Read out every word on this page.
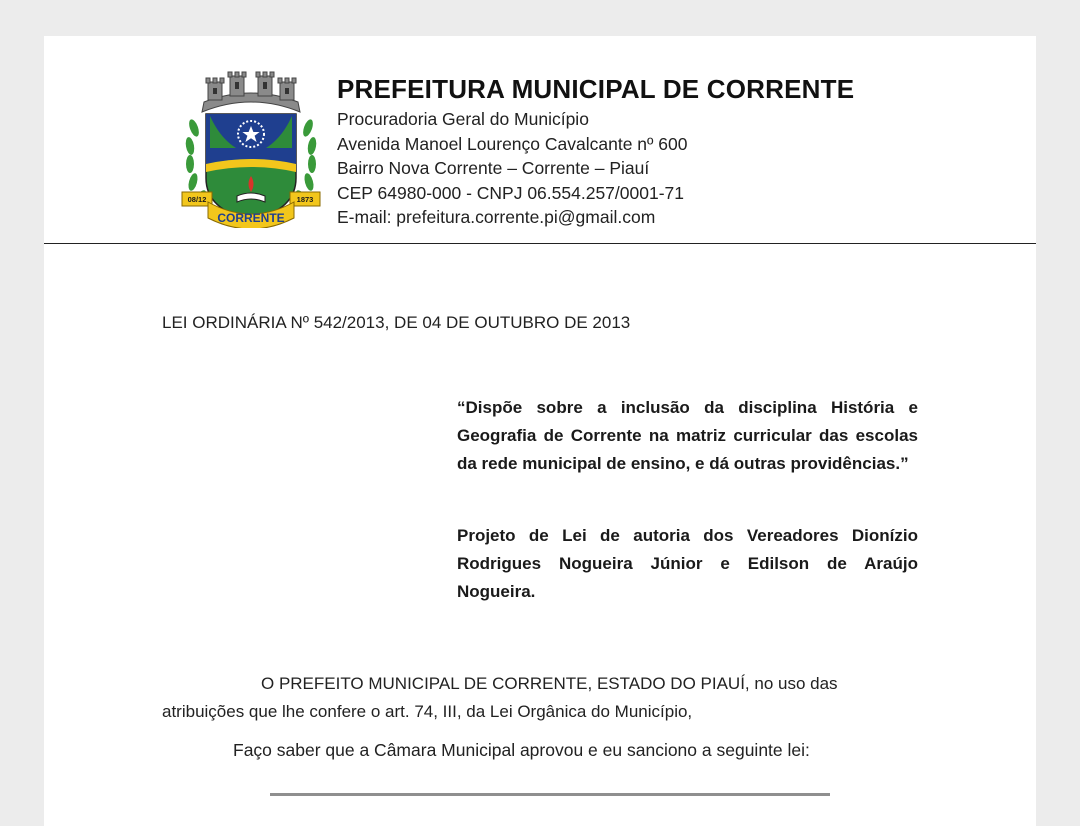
08/12	1873
CORRENTE
PREFEITURA MUNICIPAL DE CORRENTE
Procuradoria Geral do Município
Avenida Manoel Lourenço Cavalcante nº 600
Bairro Nova Corrente – Corrente – Piauí
CEP 64980-000 - CNPJ 06.554.257/0001-71
E-mail: prefeitura.corrente.pi@gmail.com
LEI ORDINÁRIA Nº 542/2013, DE 04 DE OUTUBRO DE 2013
“Dispõe sobre a inclusão da disciplina História e Geografia de Corrente na matriz curricular das escolas da rede municipal de ensino, e dá outras providências.”
Projeto de Lei de autoria dos Vereadores Dionízio Rodrigues Nogueira Júnior e Edilson de Araújo Nogueira.
O PREFEITO MUNICIPAL DE CORRENTE, ESTADO DO PIAUÍ, no uso das
atribuições que lhe confere o art. 74, III, da Lei Orgânica do Município,
Faço saber que a Câmara Municipal aprovou e eu sanciono a seguinte lei:
